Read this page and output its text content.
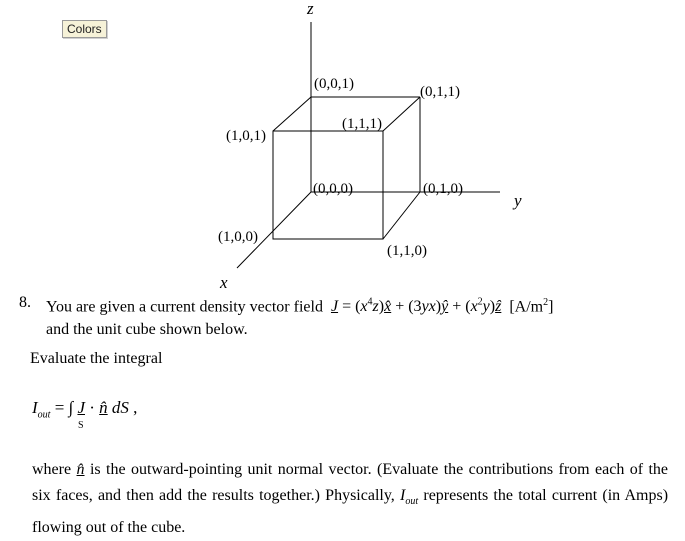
Colors
z
y
x
(0,0,1)	(0,1,1)
(1,1,1)
(1,0,1)
(0,0,0)	(0,1,0)
(1,0,0)
(1,1,0)
8. You are given a current density vector field $J = (x^4z)x̂$ + (3yx)ŷ + $(x^2y)ẑ$ $[A/m^2]$
and the unit cube shown below.
Evaluate the integral
$I_{out}$ = ∫ J · n̂ dS ,
S
where n̂ is the outward-pointing unit normal vector. (Evaluate the contributions from each of the six faces, and then add the results together.) Physically, $I_{out}$ represents the total current (in Amps) flowing out of the cube.
